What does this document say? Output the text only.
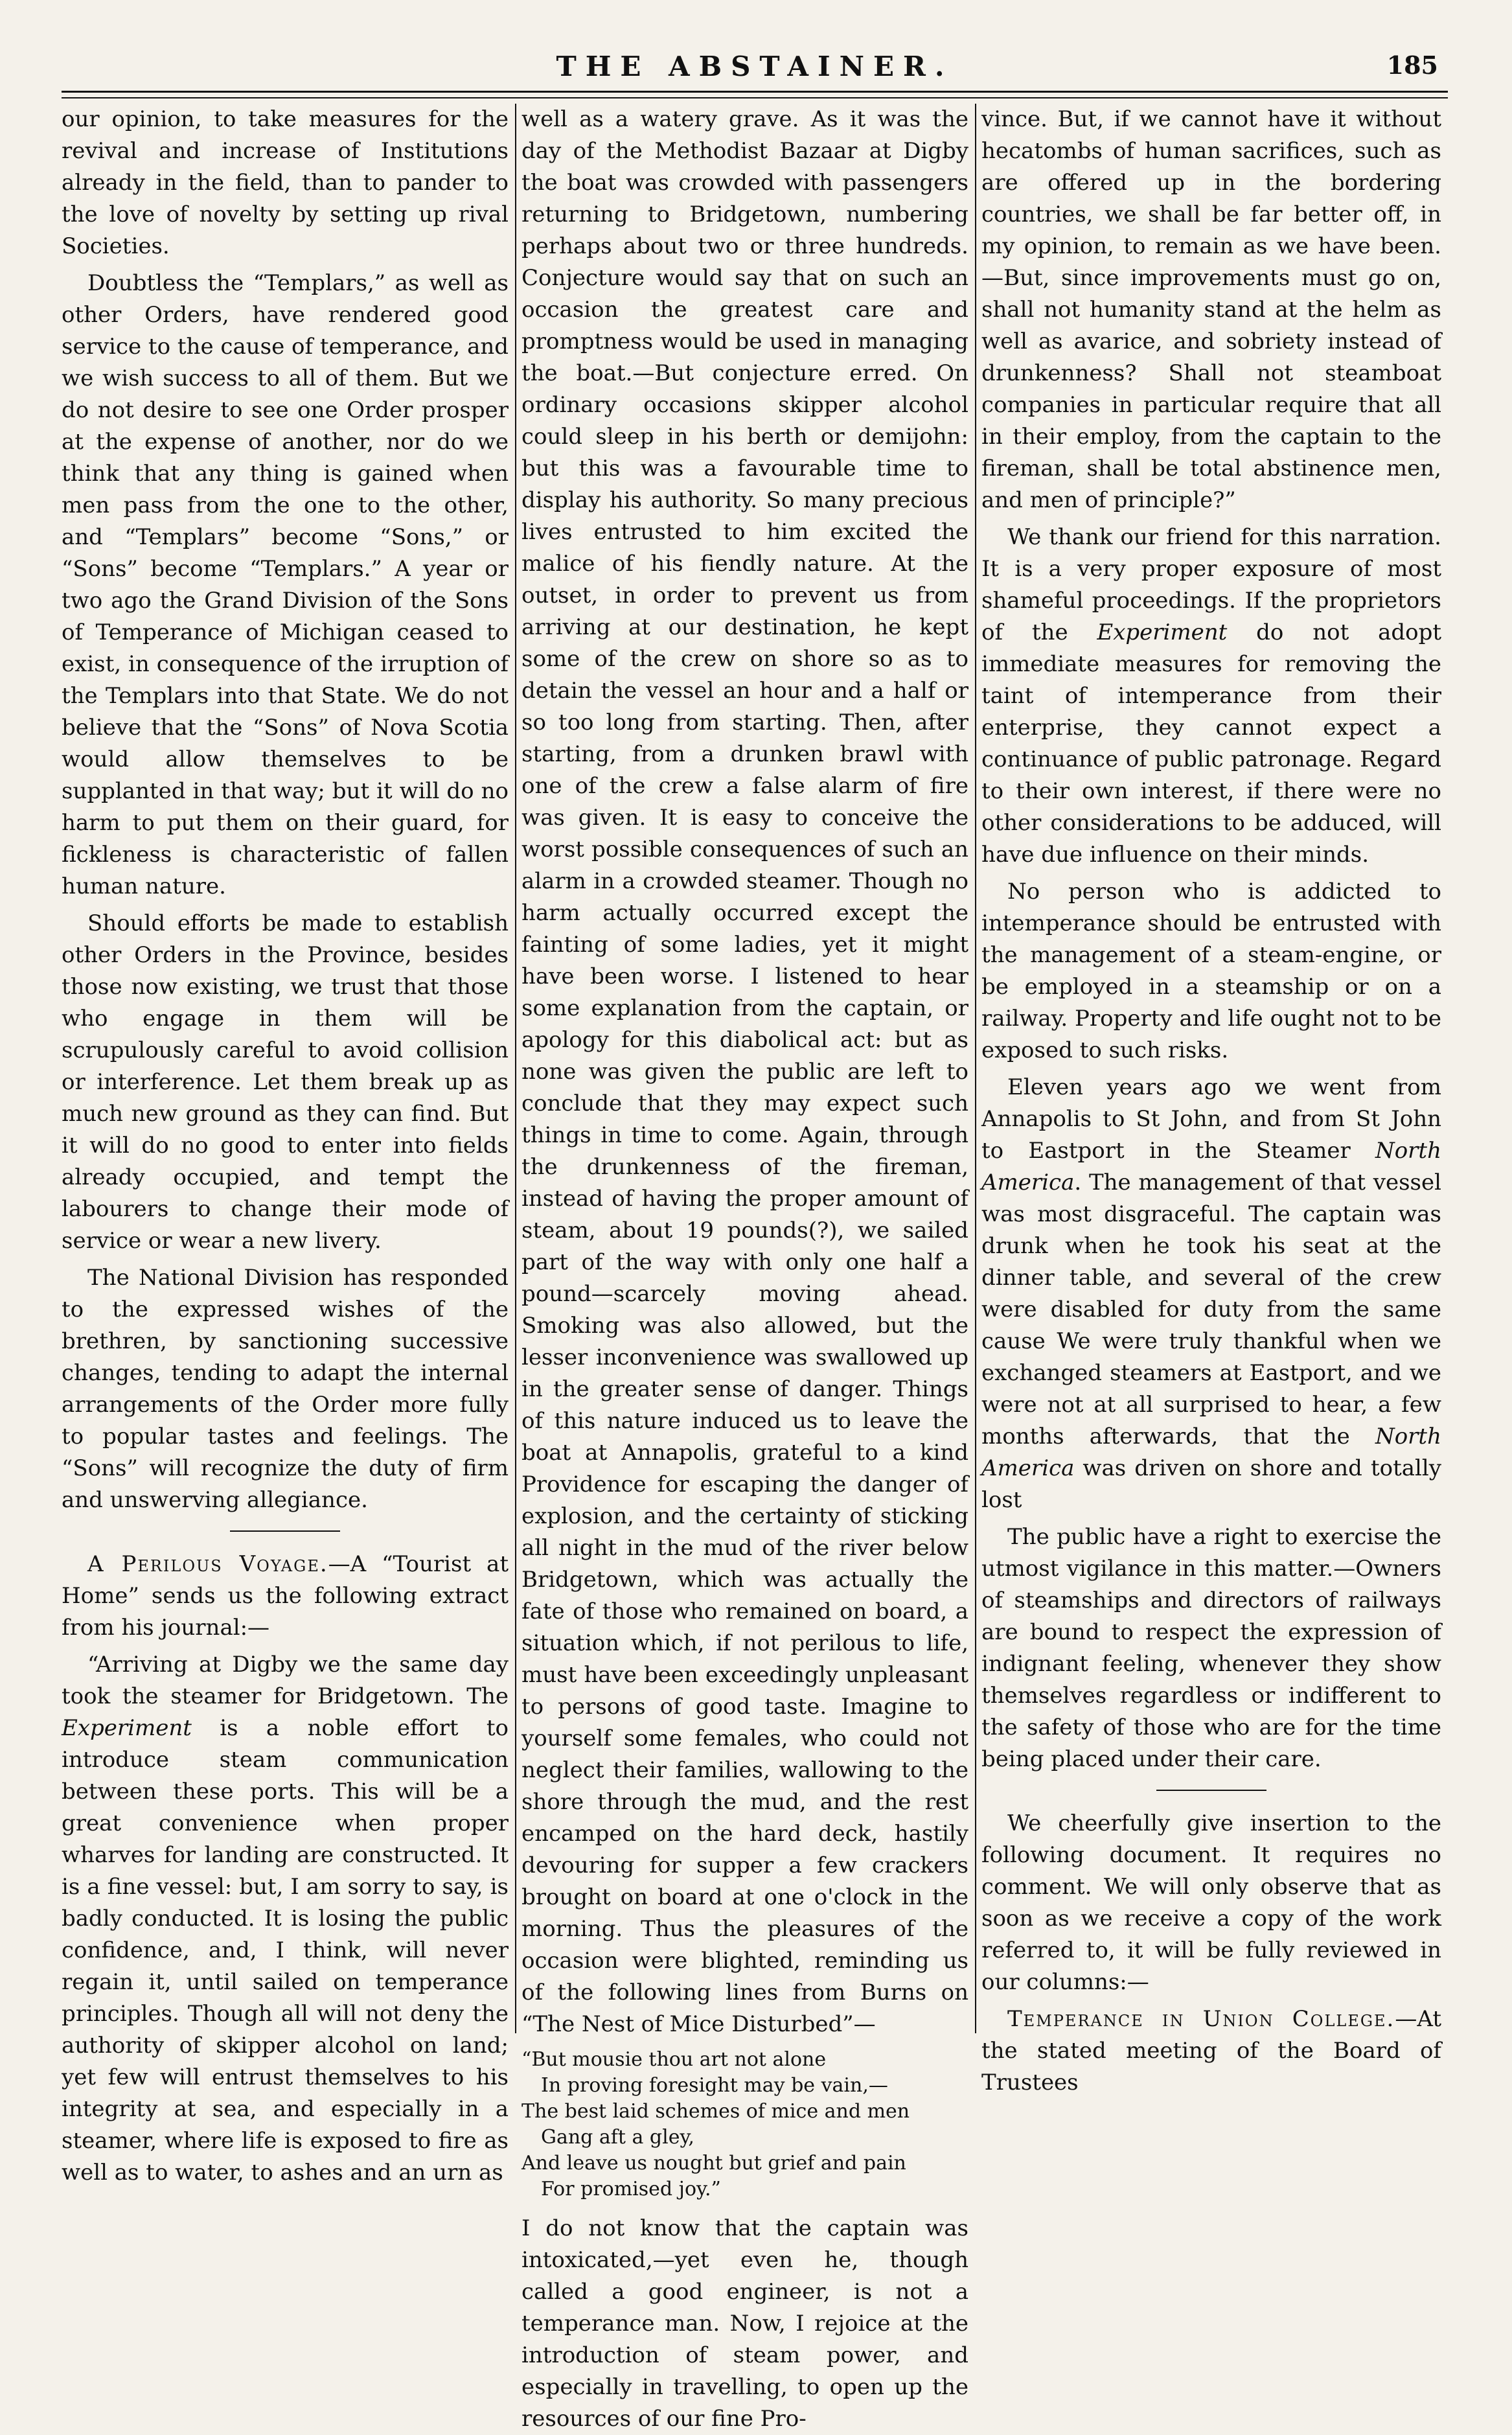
THE ABSTAINER.	185

our opinion, to take measures for the revival and increase of Institutions already in the field, than to pander to the love of novelty by setting up rival Societies.

Doubtless the “Templars,” as well as other Orders, have rendered good service to the cause of temperance, and we wish success to all of them. But we do not desire to see one Order prosper at the expense of another, nor do we think that any thing is gained when men pass from the one to the other, and “Templars” become “Sons,” or “Sons” become “Templars.” A year or two ago the Grand Division of the Sons of Temperance of Michigan ceased to exist, in consequence of the irruption of the Templars into that State. We do not believe that the “Sons” of Nova Scotia would allow themselves to be supplanted in that way; but it will do no harm to put them on their guard, for fickleness is characteristic of fallen human nature.

Should efforts be made to establish other Orders in the Province, besides those now existing, we trust that those who engage in them will be scrupulously careful to avoid collision or interference. Let them break up as much new ground as they can find. But it will do no good to enter into fields already occupied, and tempt the labourers to change their mode of service or wear a new livery.

The National Division has responded to the expressed wishes of the brethren, by sanctioning successive changes, tending to adapt the internal arrangements of the Order more fully to popular tastes and feelings. The “Sons” will recognize the duty of firm and unswerving allegiance.

A Perilous Voyage.—A “Tourist at Home” sends us the following extract from his journal:—

“Arriving at Digby we the same day took the steamer for Bridgetown. The Experiment is a noble effort to introduce steam communication between these ports. This will be a great convenience when proper wharves for landing are constructed. It is a fine vessel: but, I am sorry to say, is badly conducted. It is losing the public confidence, and, I think, will never regain it, until sailed on temperance principles. Though all will not deny the authority of skipper alcohol on land; yet few will entrust themselves to his integrity at sea, and especially in a steamer, where life is exposed to fire as well as to water, to ashes and an urn as

well as a watery grave. As it was the day of the Methodist Bazaar at Digby the boat was crowded with passengers returning to Bridgetown, numbering perhaps about two or three hundreds. Conjecture would say that on such an occasion the greatest care and promptness would be used in managing the boat.—But conjecture erred. On ordinary occasions skipper alcohol could sleep in his berth or demijohn: but this was a favourable time to display his authority. So many precious lives entrusted to him excited the malice of his fiendly nature. At the outset, in order to prevent us from arriving at our destination, he kept some of the crew on shore so as to detain the vessel an hour and a half or so too long from starting. Then, after starting, from a drunken brawl with one of the crew a false alarm of fire was given. It is easy to conceive the worst possible consequences of such an alarm in a crowded steamer. Though no harm actually occurred except the fainting of some ladies, yet it might have been worse. I listened to hear some explanation from the captain, or apology for this diabolical act: but as none was given the public are left to conclude that they may expect such things in time to come. Again, through the drunkenness of the fireman, instead of having the proper amount of steam, about 19 pounds(?), we sailed part of the way with only one half a pound—scarcely moving ahead. Smoking was also allowed, but the lesser inconvenience was swallowed up in the greater sense of danger. Things of this nature induced us to leave the boat at Annapolis, grateful to a kind Providence for escaping the danger of explosion, and the certainty of sticking all night in the mud of the river below Bridgetown, which was actually the fate of those who remained on board, a situation which, if not perilous to life, must have been exceedingly unpleasant to persons of good taste. Imagine to yourself some females, who could not neglect their families, wallowing to the shore through the mud, and the rest encamped on the hard deck, hastily devouring for supper a few crackers brought on board at one o'clock in the morning. Thus the pleasures of the occasion were blighted, reminding us of the following lines from Burns on “The Nest of Mice Disturbed”—

“But mousie thou art not alone
In proving foresight may be vain,—
The best laid schemes of mice and men
Gang aft a gley,
And leave us nought but grief and pain
For promised joy.”

I do not know that the captain was intoxicated,—yet even he, though called a good engineer, is not a temperance man. Now, I rejoice at the introduction of steam power, and especially in travelling, to open up the resources of our fine Pro-

vince. But, if we cannot have it without hecatombs of human sacrifices, such as are offered up in the bordering countries, we shall be far better off, in my opinion, to remain as we have been.—But, since improvements must go on, shall not humanity stand at the helm as well as avarice, and sobriety instead of drunkenness? Shall not steamboat companies in particular require that all in their employ, from the captain to the fireman, shall be total abstinence men, and men of principle?”

We thank our friend for this narration. It is a very proper exposure of most shameful proceedings. If the proprietors of the Experiment do not adopt immediate measures for removing the taint of intemperance from their enterprise, they cannot expect a continuance of public patronage. Regard to their own interest, if there were no other considerations to be adduced, will have due influence on their minds.

No person who is addicted to intemperance should be entrusted with the management of a steam-engine, or be employed in a steamship or on a railway. Property and life ought not to be exposed to such risks.

Eleven years ago we went from Annapolis to St John, and from St John to Eastport in the Steamer North America. The management of that vessel was most disgraceful. The captain was drunk when he took his seat at the dinner table, and several of the crew were disabled for duty from the same cause We were truly thankful when we exchanged steamers at Eastport, and we were not at all surprised to hear, a few months afterwards, that the North America was driven on shore and totally lost

The public have a right to exercise the utmost vigilance in this matter.—Owners of steamships and directors of railways are bound to respect the expression of indignant feeling, whenever they show themselves regardless or indifferent to the safety of those who are for the time being placed under their care.

We cheerfully give insertion to the following document. It requires no comment. We will only observe that as soon as we receive a copy of the work referred to, it will be fully reviewed in our columns:—

Temperance in Union College.—At the stated meeting of the Board of Trustees
